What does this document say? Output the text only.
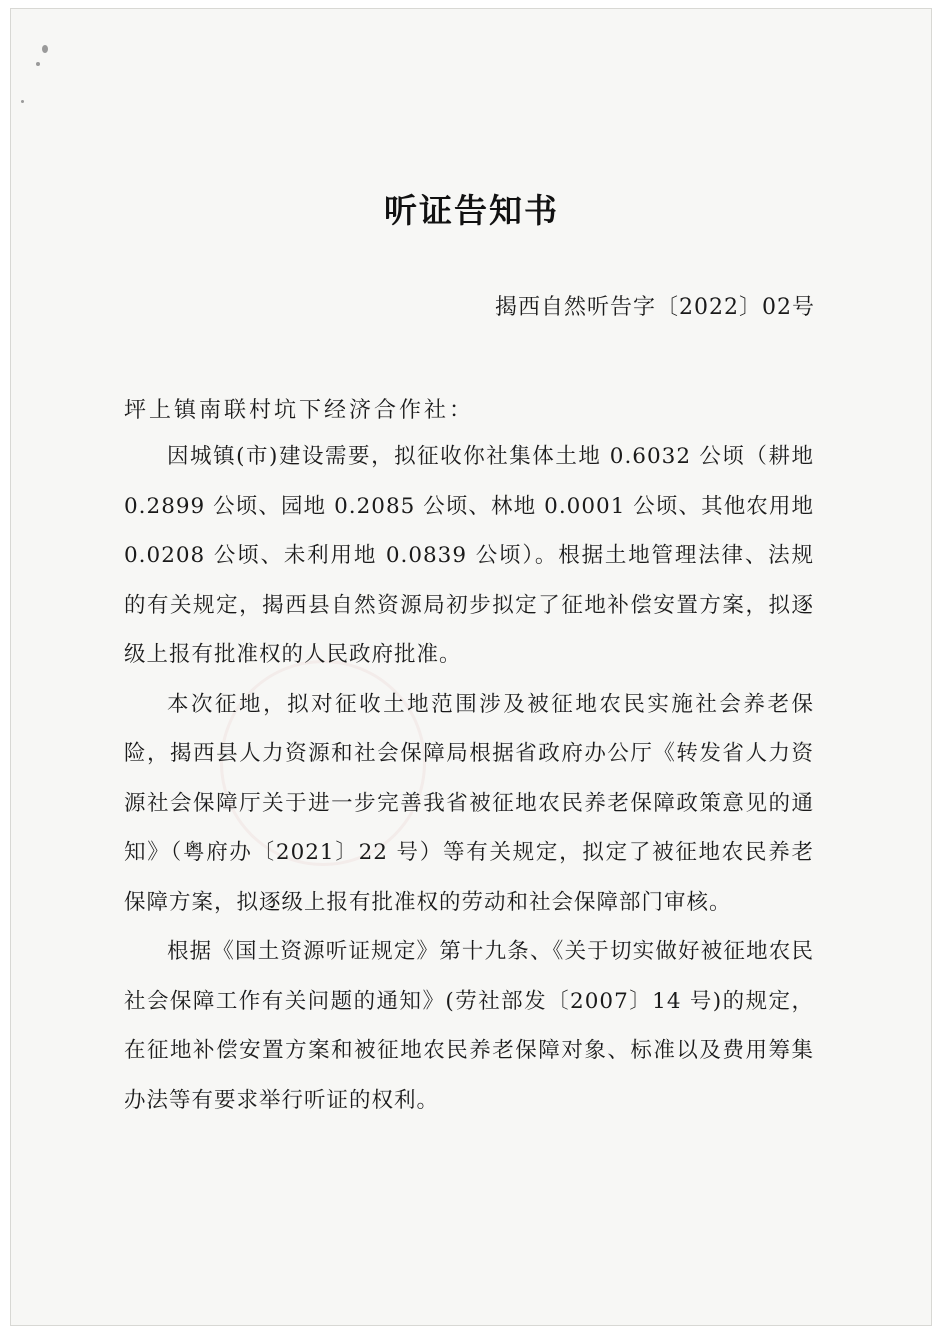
听证告知书
揭西自然听告字〔2022〕02号
坪上镇南联村坑下经济合作社：

因城镇(市)建设需要，拟征收你社集体土地 0.6032 公顷（耕地 0.2899 公顷、园地 0.2085 公顷、林地 0.0001 公顷、其他农用地 0.0208 公顷、未利用地 0.0839 公顷）。根据土地管理法律、法规的有关规定，揭西县自然资源局初步拟定了征地补偿安置方案，拟逐级上报有批准权的人民政府批准。

本次征地，拟对征收土地范围涉及被征地农民实施社会养老保险，揭西县人力资源和社会保障局根据省政府办公厅《转发省人力资源社会保障厅关于进一步完善我省被征地农民养老保障政策意见的通知》（粤府办〔2021〕22 号）等有关规定，拟定了被征地农民养老保障方案，拟逐级上报有批准权的劳动和社会保障部门审核。

根据《国土资源听证规定》第十九条、《关于切实做好被征地农民社会保障工作有关问题的通知》(劳社部发〔2007〕14 号)的规定，在征地补偿安置方案和被征地农民养老保障对象、标准以及费用筹集办法等有要求举行听证的权利。
